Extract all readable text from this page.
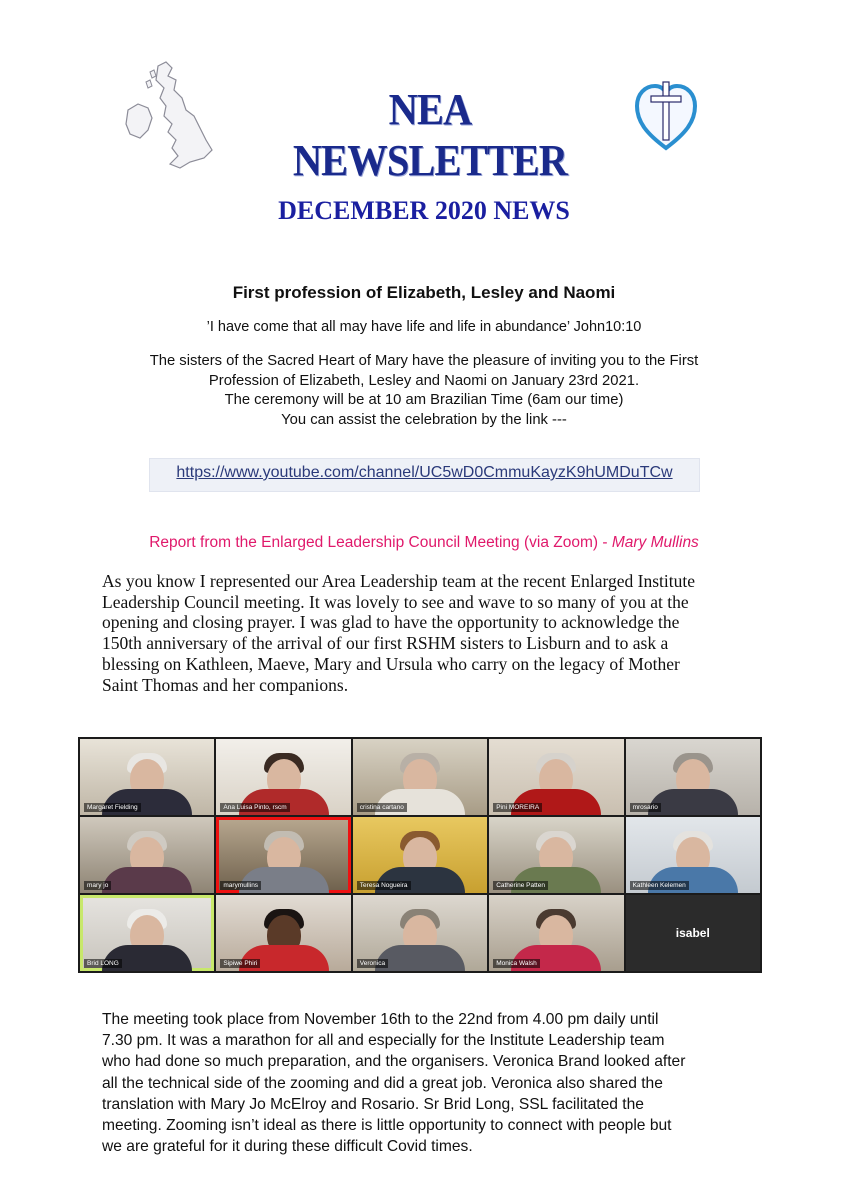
NEA NEWSLETTER
DECEMBER 2020 NEWS
First profession of Elizabeth, Lesley and Naomi
’I have come that all may have life and life in abundance’ John10:10
The sisters of the Sacred Heart of Mary have the pleasure of inviting you to the First
Profession of Elizabeth, Lesley and Naomi on January 23rd 2021.
The ceremony will be at 10 am Brazilian Time (6am our time)
You can assist the celebration by the link ---
https://www.youtube.com/channel/UC5wD0CmmuKayzK9hUMDuTCw
Report from the Enlarged Leadership Council Meeting (via Zoom) - Mary Mullins
As you know I represented our Area Leadership team at the recent Enlarged Institute
Leadership Council meeting. It was lovely to see and wave to so many of you at the
opening and closing prayer. I was glad to have the opportunity to acknowledge the
150th anniversary of the arrival of our first RSHM sisters to Lisburn and to ask a
blessing on Kathleen, Maeve, Mary and Ursula who carry on the legacy of Mother
Saint Thomas and her companions.
Margaret Fielding	Ana Luisa Pinto, rscm	cristina cartano	Pini MOREIRA	mrosario
mary jo	marymullins	Teresa Nogueira	Catherine Patten	Kathleen Kelemen
Brid LONG	Sipiwe Phiri	Veronica	Monica Walsh
isabel
The meeting took place from November 16th to the 22nd from 4.00 pm daily until
7.30 pm. It was a marathon for all and especially for the Institute Leadership team
who had done so much preparation, and the organisers. Veronica Brand looked after
all the technical side of the zooming and did a great job. Veronica also shared the
translation with Mary Jo McElroy and Rosario. Sr Brid Long, SSL facilitated the
meeting. Zooming isn’t ideal as there is little opportunity to connect with people but
we are grateful for it during these difficult Covid times.
